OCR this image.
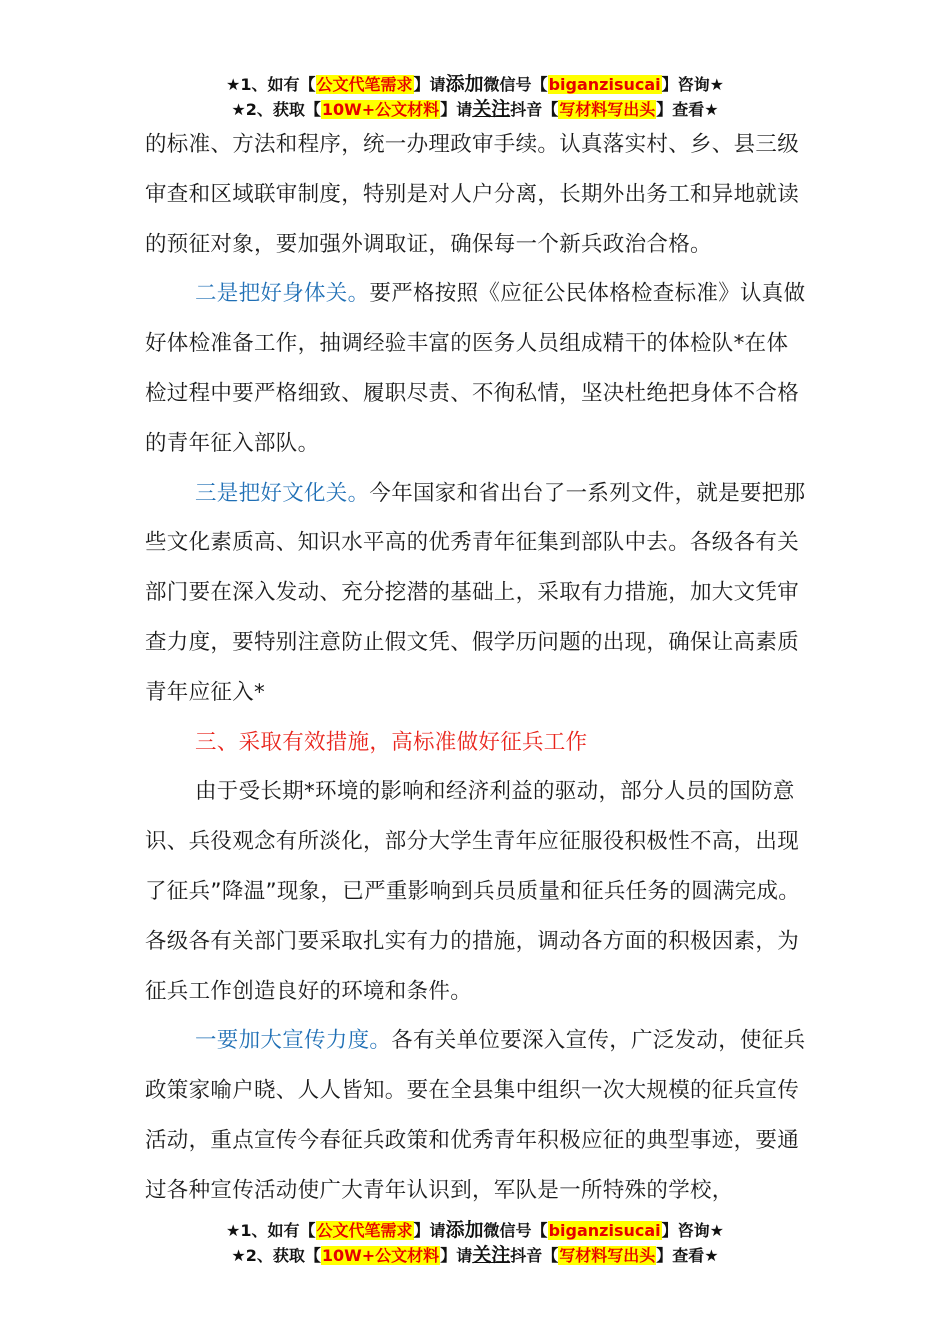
★1、如有【公文代笔需求】请添加微信号【biganzisucai】咨询★
★2、获取【10W+公文材料】请关注抖音【写材料写出头】查看★

的标准、方法和程序，统一办理政审手续。认真落实村、乡、县三级审查和区域联审制度，特别是对人户分离，长期外出务工和异地就读的预征对象，要加强外调取证，确保每一个新兵政治合格。

二是把好身体关。要严格按照《应征公民体格检查标准》认真做好体检准备工作，抽调经验丰富的医务人员组成精干的体检队*在体检过程中要严格细致、履职尽责、不徇私情，坚决杜绝把身体不合格的青年征入部队。

三是把好文化关。今年国家和省出台了一系列文件，就是要把那些文化素质高、知识水平高的优秀青年征集到部队中去。各级各有关部门要在深入发动、充分挖潜的基础上，采取有力措施，加大文凭审查力度，要特别注意防止假文凭、假学历问题的出现，确保让高素质青年应征入*

三、采取有效措施，高标准做好征兵工作

由于受长期*环境的影响和经济利益的驱动，部分人员的国防意识、兵役观念有所淡化，部分大学生青年应征服役积极性不高，出现了征兵”降温”现象，已严重影响到兵员质量和征兵任务的圆满完成。各级各有关部门要采取扎实有力的措施，调动各方面的积极因素，为征兵工作创造良好的环境和条件。

一要加大宣传力度。各有关单位要深入宣传，广泛发动，使征兵政策家喻户晓、人人皆知。要在全县集中组织一次大规模的征兵宣传活动，重点宣传今春征兵政策和优秀青年积极应征的典型事迹，要通过各种宣传活动使广大青年认识到，军队是一所特殊的学校，

★1、如有【公文代笔需求】请添加微信号【biganzisucai】咨询★
★2、获取【10W+公文材料】请关注抖音【写材料写出头】查看★
